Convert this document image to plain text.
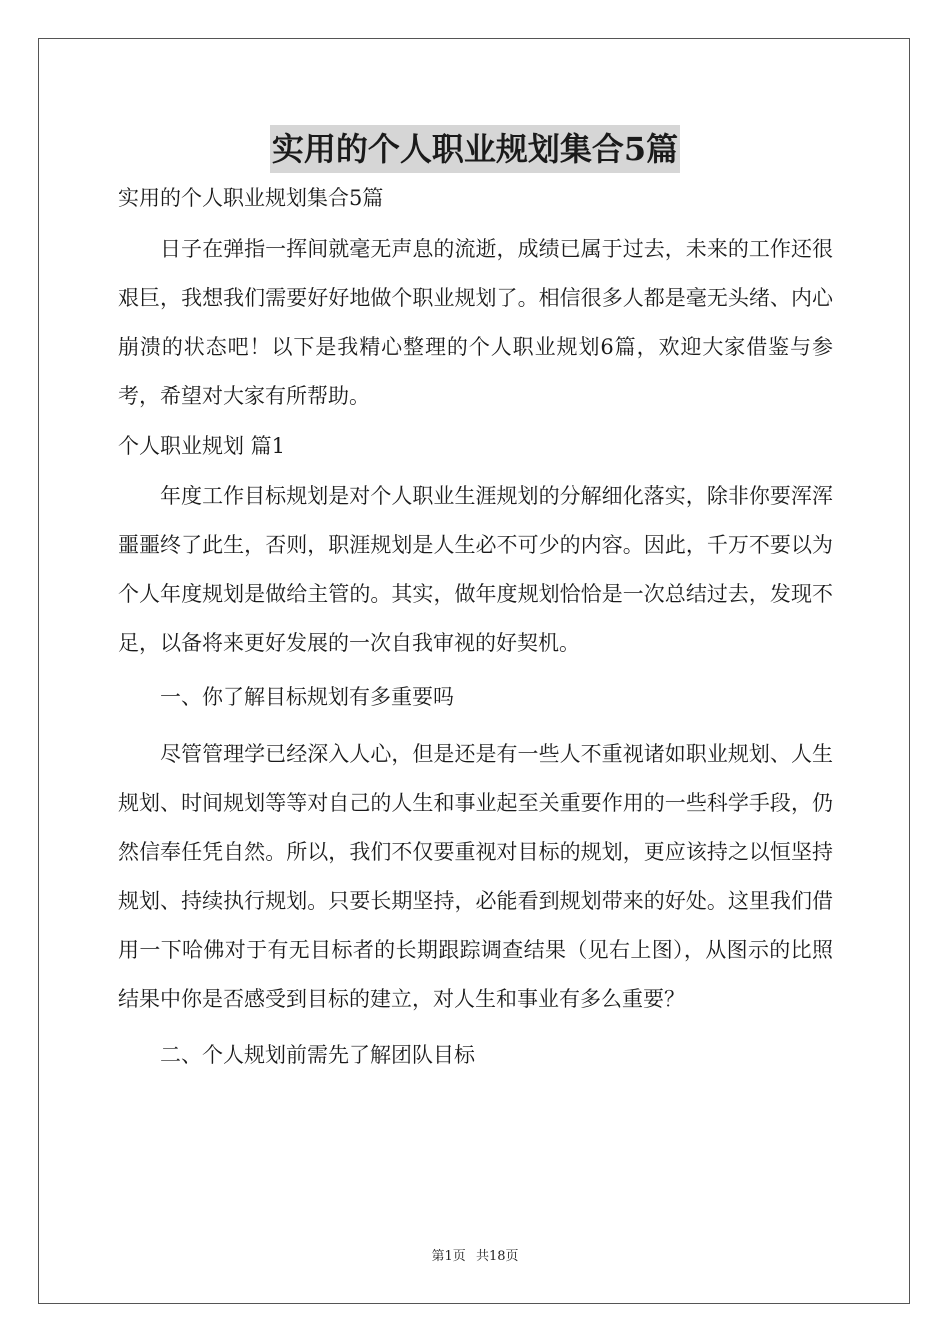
实用的个人职业规划集合5篇

实用的个人职业规划集合5篇

日子在弹指一挥间就毫无声息的流逝，成绩已属于过去，未来的工作还很艰巨，我想我们需要好好地做个职业规划了。相信很多人都是毫无头绪、内心崩溃的状态吧！以下是我精心整理的个人职业规划6篇，欢迎大家借鉴与参考，希望对大家有所帮助。

个人职业规划 篇1

年度工作目标规划是对个人职业生涯规划的分解细化落实，除非你要浑浑噩噩终了此生，否则，职涯规划是人生必不可少的内容。因此，千万不要以为个人年度规划是做给主管的。其实，做年度规划恰恰是一次总结过去，发现不足，以备将来更好发展的一次自我审视的好契机。

一、你了解目标规划有多重要吗

尽管管理学已经深入人心，但是还是有一些人不重视诸如职业规划、人生规划、时间规划等等对自己的人生和事业起至关重要作用的一些科学手段，仍然信奉任凭自然。所以，我们不仅要重视对目标的规划，更应该持之以恒坚持规划、持续执行规划。只要长期坚持，必能看到规划带来的好处。这里我们借用一下哈佛对于有无目标者的长期跟踪调查结果（见右上图），从图示的比照结果中你是否感受到目标的建立，对人生和事业有多么重要？

二、个人规划前需先了解团队目标

第1页 共18页
